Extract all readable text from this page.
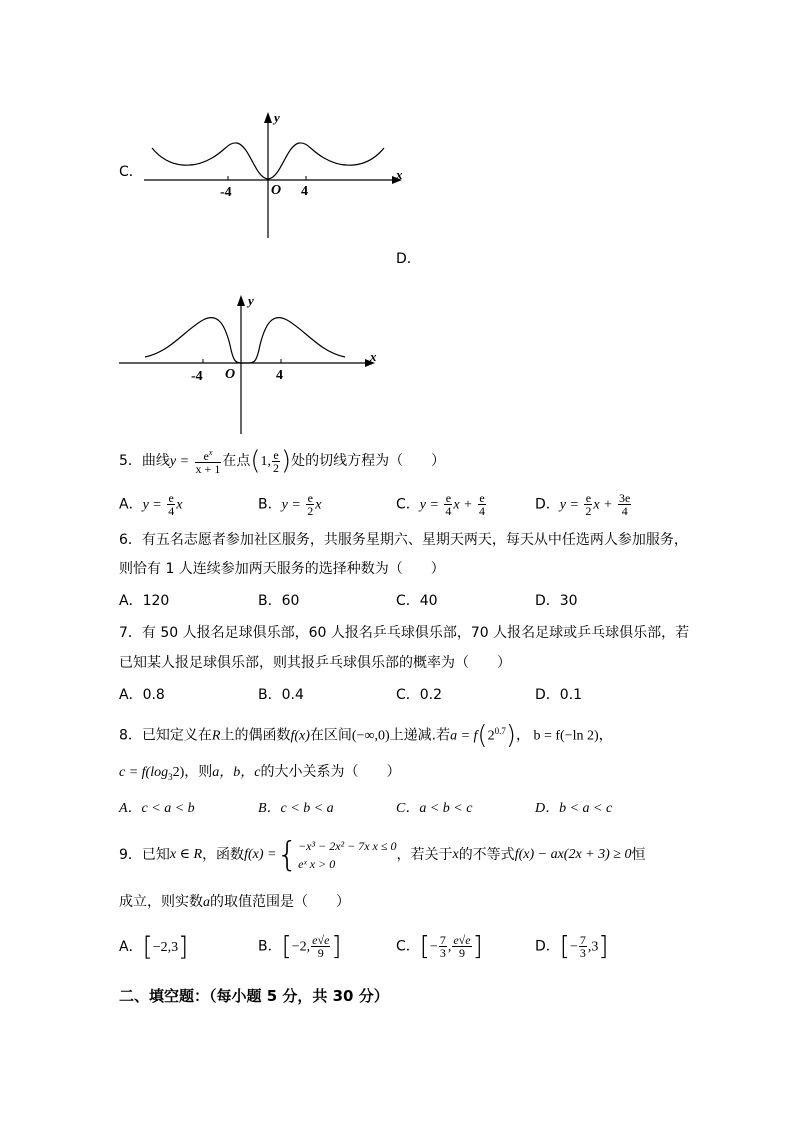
C．
-4	4
O
y
x
D．
-4	4
O
y
x
5．曲线$y = \frac{e^x}{x + 1}$ 在点(1, $\frac{e}{2}$ )处的切线方程为（　　）
A．$y = \frac{e}{4}$ x	B．$y = \frac{e}{2}$ x	C．$y = \frac{e}{4}$ $x + \frac{e}{4}$	D．$y = \frac{e}{2}$ $x + \frac{3e}{4}$
6．有五名志愿者参加社区服务，共服务星期六、星期天两天，每天从中任选两人参加服务，
则恰有 1 人连续参加两天服务的选择种数为（　　）
A．120	B．60	C．40	D．30
7．有 50 人报名足球俱乐部，60 人报名乒乓球俱乐部，70 人报名足球或乒乓球俱乐部，若
已知某人报足球俱乐部，则其报乒乓球俱乐部的概率为（　　）
A．0.8	B．0.4	C．0.2	D．0.1
8．已知定义在R上的偶函数f(x)在区间(−∞,0)上递减.若$a = f(2^{0.7})$， b = f(−ln 2)，
$c = f(\log_32)$，则a，b，c的大小关系为（　　）
A．c < a < b	B．c < b < a	C．a < b < c	D．b < a < c
9．已知x ∈ R，函数f(x) ={ −x³ − 2x² − 7x x ≤ 0
eˣ x > 0
，若关于x的不等式f(x) − ax(2x + 3) ≥ 0恒
成立，则实数a的取值范围是（　　）
A．[−2,3]	B．[−2, $\frac{e√e}{9}$ ]	C．[− $\frac{7}{3}$ , $\frac{e√e}{9}$ ]	D．[− $\frac{7}{3} ,3$]
二、填空题：（每小题 5 分，共 30 分）
